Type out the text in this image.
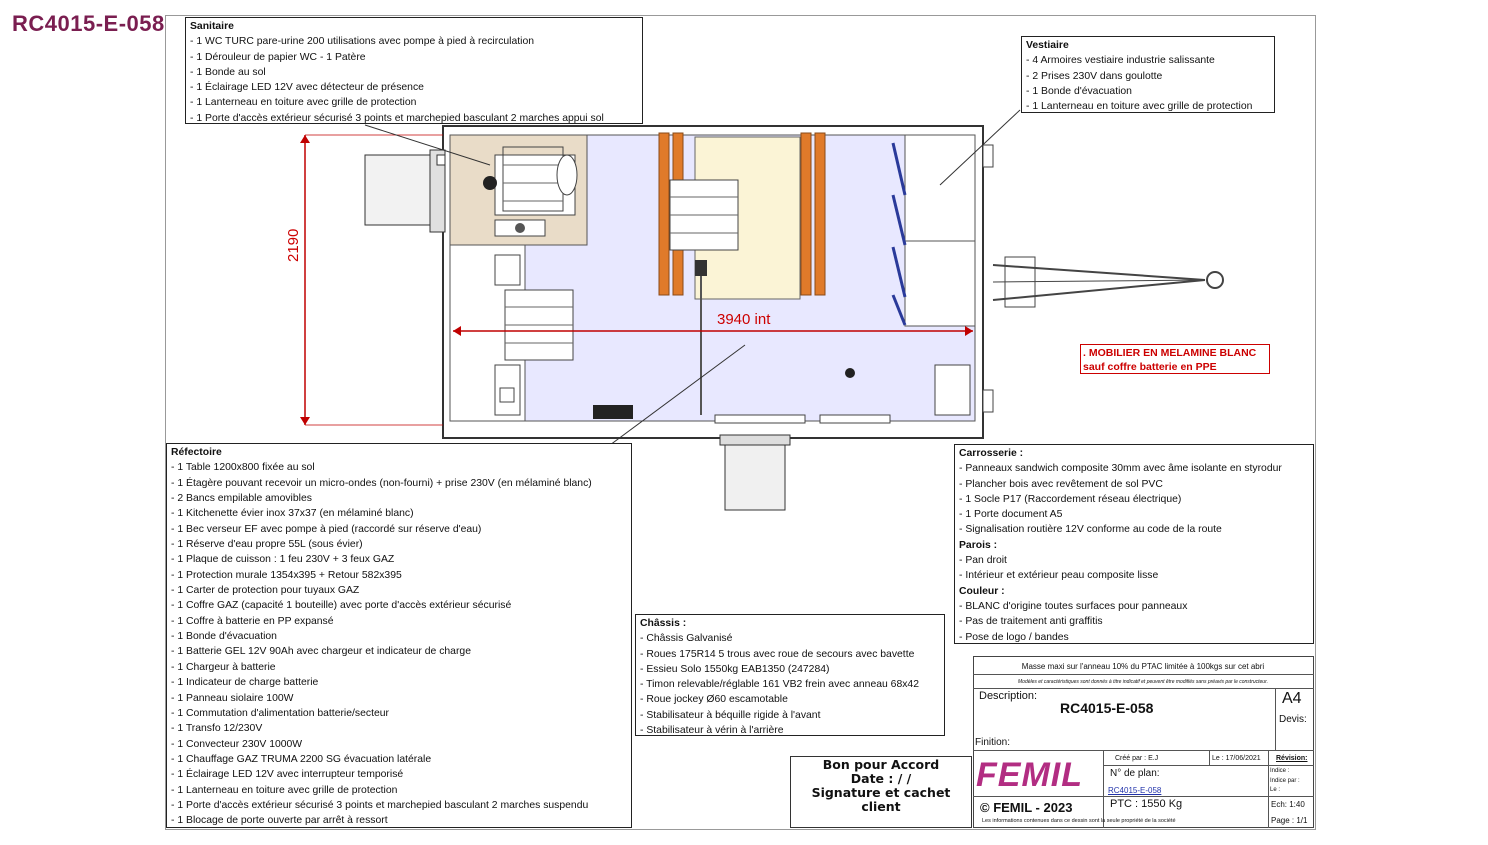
RC4015-E-058
2190
3940 int
Sanitaire
- 1 WC TURC pare-urine 200 utilisations avec pompe à pied à recirculation
- 1 Dérouleur de papier WC - 1 Patère
- 1 Bonde au sol
- 1 Éclairage LED 12V avec détecteur de présence
- 1 Lanterneau en toiture avec grille de protection
- 1 Porte d'accès extérieur sécurisé 3 points et marchepied basculant 2 marches appui sol
Vestiaire
- 4 Armoires vestiaire industrie salissante
- 2 Prises 230V dans goulotte
- 1 Bonde d'évacuation
- 1 Lanterneau en toiture avec grille de protection
. MOBILIER EN MELAMINE BLANC
sauf coffre batterie en PPE
Réfectoire
- 1 Table 1200x800 fixée au sol
- 1 Étagère pouvant recevoir un micro-ondes (non-fourni) + prise 230V (en mélaminé blanc)
- 2 Bancs empilable amovibles
- 1 Kitchenette évier inox 37x37 (en mélaminé blanc)
- 1 Bec verseur EF avec pompe à pied (raccordé sur réserve d'eau)
- 1 Réserve d'eau propre 55L (sous évier)
- 1 Plaque de cuisson : 1 feu 230V + 3 feux GAZ
- 1 Protection murale 1354x395 + Retour 582x395
- 1 Carter de protection pour tuyaux GAZ
- 1 Coffre GAZ (capacité 1 bouteille) avec porte d'accès extérieur sécurisé
- 1 Coffre à batterie en PP expansé
- 1 Bonde d'évacuation
- 1 Batterie GEL 12V 90Ah avec chargeur et indicateur de charge
- 1 Chargeur à batterie
- 1 Indicateur de charge batterie
- 1 Panneau siolaire 100W
- 1 Commutation d'alimentation batterie/secteur
- 1 Transfo 12/230V
- 1 Convecteur 230V 1000W
- 1 Chauffage GAZ TRUMA 2200 SG évacuation latérale
- 1 Éclairage LED 12V avec interrupteur temporisé
- 1 Lanterneau en toiture avec grille de protection
- 1 Porte d'accès extérieur sécurisé 3 points et marchepied basculant 2 marches suspendu
- 1 Blocage de porte ouverte par arrêt à ressort
Châssis :
- Châssis Galvanisé
- Roues 175R14 5 trous avec roue de secours avec bavette
- Essieu Solo 1550kg EAB1350 (247284)
- Timon relevable/réglable 161 VB2 frein avec anneau 68x42
- Roue jockey Ø60 escamotable
- Stabilisateur à béquille rigide à l'avant
- Stabilisateur à vérin à l'arrière
Carrosserie :
- Panneaux sandwich composite 30mm avec âme isolante en styrodur
- Plancher bois avec revêtement de sol PVC
- 1 Socle P17 (Raccordement réseau électrique)
- 1 Porte document A5
- Signalisation routière 12V conforme au code de la route
Parois :
- Pan droit
- Intérieur et extérieur peau composite lisse
Couleur :
- BLANC d'origine toutes surfaces pour panneaux
- Pas de traitement anti graffitis
- Pose de logo / bandes
Bon pour Accord
Date : / /
Signature et cachet client
Masse maxi sur l'anneau 10% du PTAC limitée à 100kgs sur cet abri
Modèles et caractéristiques sont donnés à titre indicatif et peuvent être modifiés sans préavis par le constructeur.
Description:
RC4015-E-058
A4
Devis:
Finition:
FEMIL	Créé par : E.J	Le : 17/06/2021 Révision:
Indice :
Indice par :
Le :
N° de plan:
RC4015-E-058
PTC : 1550 Kg	Ech: 1:40
© FEMIL - 2023
Les informations contenues dans ce dessin sont la seule propriété de la société	Page : 1/1
